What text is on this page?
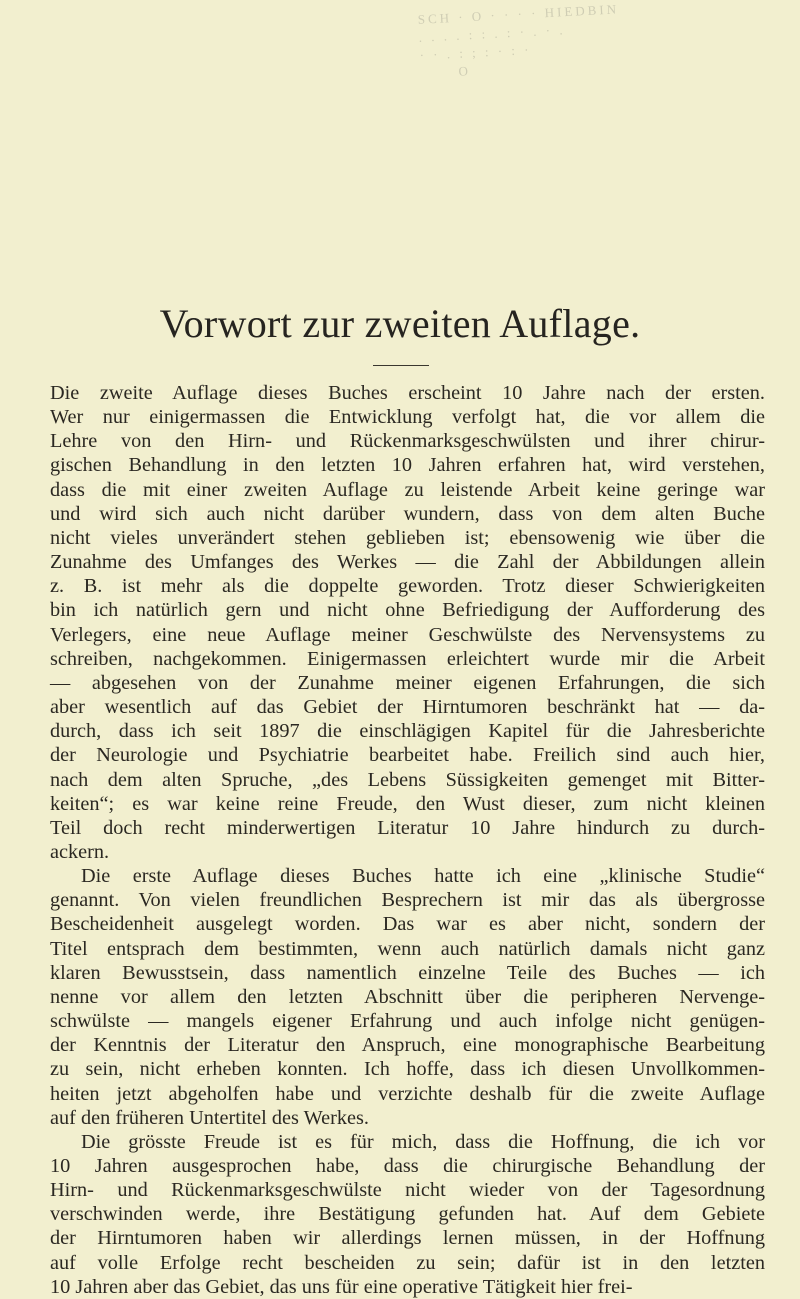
SCH · O · · · · HIEDBIN
. . . . : : . : · . · .
· · . : ; : · : ·
O
Vorwort zur zweiten Auflage.
Die zweite Auflage dieses Buches erscheint 10 Jahre nach der ersten.
Wer nur einigermassen die Entwicklung verfolgt hat, die vor allem die
Lehre von den Hirn- und Rückenmarksgeschwülsten und ihrer chirur-
gischen Behandlung in den letzten 10 Jahren erfahren hat, wird verstehen,
dass die mit einer zweiten Auflage zu leistende Arbeit keine geringe war
und wird sich auch nicht darüber wundern, dass von dem alten Buche
nicht vieles unverändert stehen geblieben ist; ebensowenig wie über die
Zunahme des Umfanges des Werkes — die Zahl der Abbildungen allein
z. B. ist mehr als die doppelte geworden. Trotz dieser Schwierigkeiten
bin ich natürlich gern und nicht ohne Befriedigung der Aufforderung des
Verlegers, eine neue Auflage meiner Geschwülste des Nervensystems zu
schreiben, nachgekommen. Einigermassen erleichtert wurde mir die Arbeit
— abgesehen von der Zunahme meiner eigenen Erfahrungen, die sich
aber wesentlich auf das Gebiet der Hirntumoren beschränkt hat — da-
durch, dass ich seit 1897 die einschlägigen Kapitel für die Jahresberichte
der Neurologie und Psychiatrie bearbeitet habe. Freilich sind auch hier,
nach dem alten Spruche, „des Lebens Süssigkeiten gemenget mit Bitter-
keiten“; es war keine reine Freude, den Wust dieser, zum nicht kleinen
Teil doch recht minderwertigen Literatur 10 Jahre hindurch zu durch-
ackern.
Die erste Auflage dieses Buches hatte ich eine „klinische Studie“
genannt. Von vielen freundlichen Besprechern ist mir das als übergrosse
Bescheidenheit ausgelegt worden. Das war es aber nicht, sondern der
Titel entsprach dem bestimmten, wenn auch natürlich damals nicht ganz
klaren Bewusstsein, dass namentlich einzelne Teile des Buches — ich
nenne vor allem den letzten Abschnitt über die peripheren Nervenge-
schwülste — mangels eigener Erfahrung und auch infolge nicht genügen-
der Kenntnis der Literatur den Anspruch, eine monographische Bearbeitung
zu sein, nicht erheben konnten. Ich hoffe, dass ich diesen Unvollkommen-
heiten jetzt abgeholfen habe und verzichte deshalb für die zweite Auflage
auf den früheren Untertitel des Werkes.
Die grösste Freude ist es für mich, dass die Hoffnung, die ich vor
10 Jahren ausgesprochen habe, dass die chirurgische Behandlung der
Hirn- und Rückenmarksgeschwülste nicht wieder von der Tagesordnung
verschwinden werde, ihre Bestätigung gefunden hat. Auf dem Gebiete
der Hirntumoren haben wir allerdings lernen müssen, in der Hoffnung
auf volle Erfolge recht bescheiden zu sein; dafür ist in den letzten
10 Jahren aber das Gebiet, das uns für eine operative Tätigkeit hier frei-
